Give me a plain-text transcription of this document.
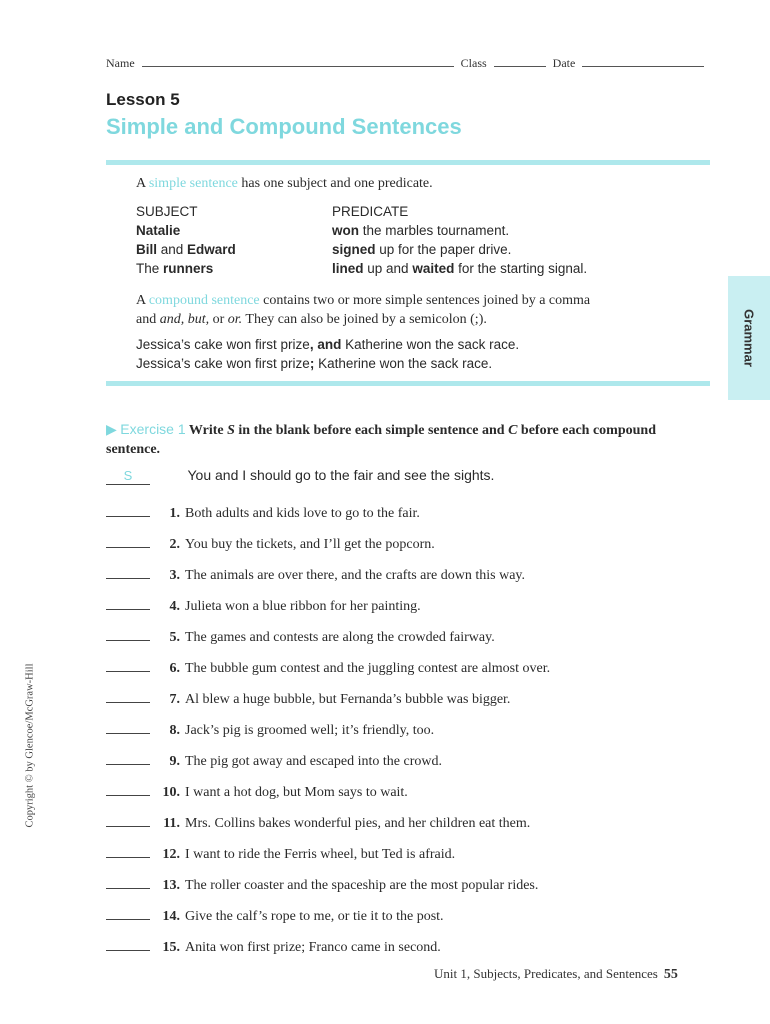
Name	Class	Date
Lesson 5
Simple and Compound Sentences
A simple sentence has one subject and one predicate.
SUBJECT	PREDICATE
Natalie	won the marbles tournament.
Bill and Edward	signed up for the paper drive.
The runners	lined up and waited for the starting signal.
A compound sentence contains two or more simple sentences joined by a comma
and and, but, or or. They can also be joined by a semicolon (;).
Jessica’s cake won first prize, and Katherine won the sack race.
Jessica’s cake won first prize; Katherine won the sack race.	Grammar
Copyright © by Glencoe/McGraw-Hill
▶ Exercise 1 Write S in the blank before each simple sentence and C before each compound sentence.
S	You and I should go to the fair and see the sights.
1. Both adults and kids love to go to the fair.
2. You buy the tickets, and I’ll get the popcorn.
3. The animals are over there, and the crafts are down this way.
4. Julieta won a blue ribbon for her painting.
5. The games and contests are along the crowded fairway.
6. The bubble gum contest and the juggling contest are almost over.
7. Al blew a huge bubble, but Fernanda’s bubble was bigger.
8. Jack’s pig is groomed well; it’s friendly, too.
9. The pig got away and escaped into the crowd.
10. I want a hot dog, but Mom says to wait.
11. Mrs. Collins bakes wonderful pies, and her children eat them.
12. I want to ride the Ferris wheel, but Ted is afraid.
13. The roller coaster and the spaceship are the most popular rides.
14. Give the calf’s rope to me, or tie it to the post.
15. Anita won first prize; Franco came in second.
Unit 1, Subjects, Predicates, and Sentences 55
